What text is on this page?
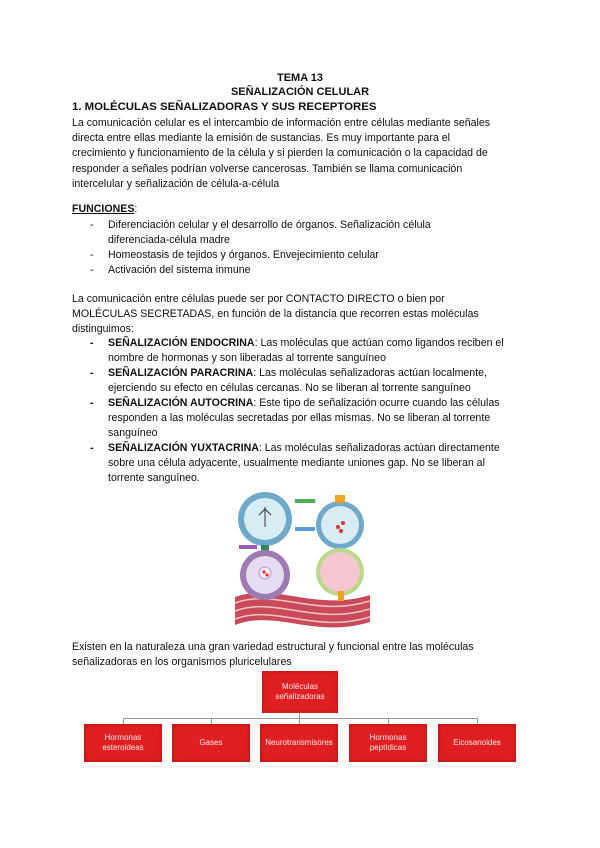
TEMA 13
SEÑALIZACIÓN CELULAR
1. MOLÉCULAS SEÑALIZADORAS Y SUS RECEPTORES
La comunicación celular es el intercambio de información entre células mediante señales
directa entre ellas mediante la emisión de sustancias. Es muy importante para el
crecimiento y funcionamiento de la célula y si pierden la comunicación o la capacidad de
responder a señales podrían volverse cancerosas. También se llama comunicación
intercelular y señalización de célula-a-célula
FUNCIONES:
- Diferenciación celular y el desarrollo de órganos. Señalización célula
diferenciada-célula madre
- Homeostasis de tejidos y órganos. Envejecimiento celular
- Activación del sistema inmune
La comunicación entre células puede ser por CONTACTO DIRECTO o bien por
MOLÉCULAS SECRETADAS, en función de la distancia que recorren estas moléculas
distinguimos:
- SEÑALIZACIÓN ENDOCRINA: Las moléculas que actúan como ligandos reciben el
nombre de hormonas y son liberadas al torrente sanguíneo
- SEÑALIZACIÓN PARACRINA: Las moléculas señalizadoras actúan localmente,
ejerciendo su efecto en células cercanas. No se liberan al torrente sanguíneo
- SEÑALIZACIÓN AUTOCRINA: Este tipo de señalización ocurre cuando las células
responden a las moléculas secretadas por ellas mismas. No se liberan al torrente
sanguíneo
- SEÑALIZACIÓN YUXTACRINA: Las moléculas señalizadoras actúan directamente
sobre una célula adyacente, usualmente mediante uniones gap. No se liberan al
torrente sanguíneo.
Existen en la naturaleza una gran variedad estructural y funcional entre las moléculas
señalizadoras en los organismos pluricelulares
Moléculas
señalizadoras
Hormonas
esteroideas
Gases	Neurotransmisores
Hormonas
peptídicas
Eicosanoides
